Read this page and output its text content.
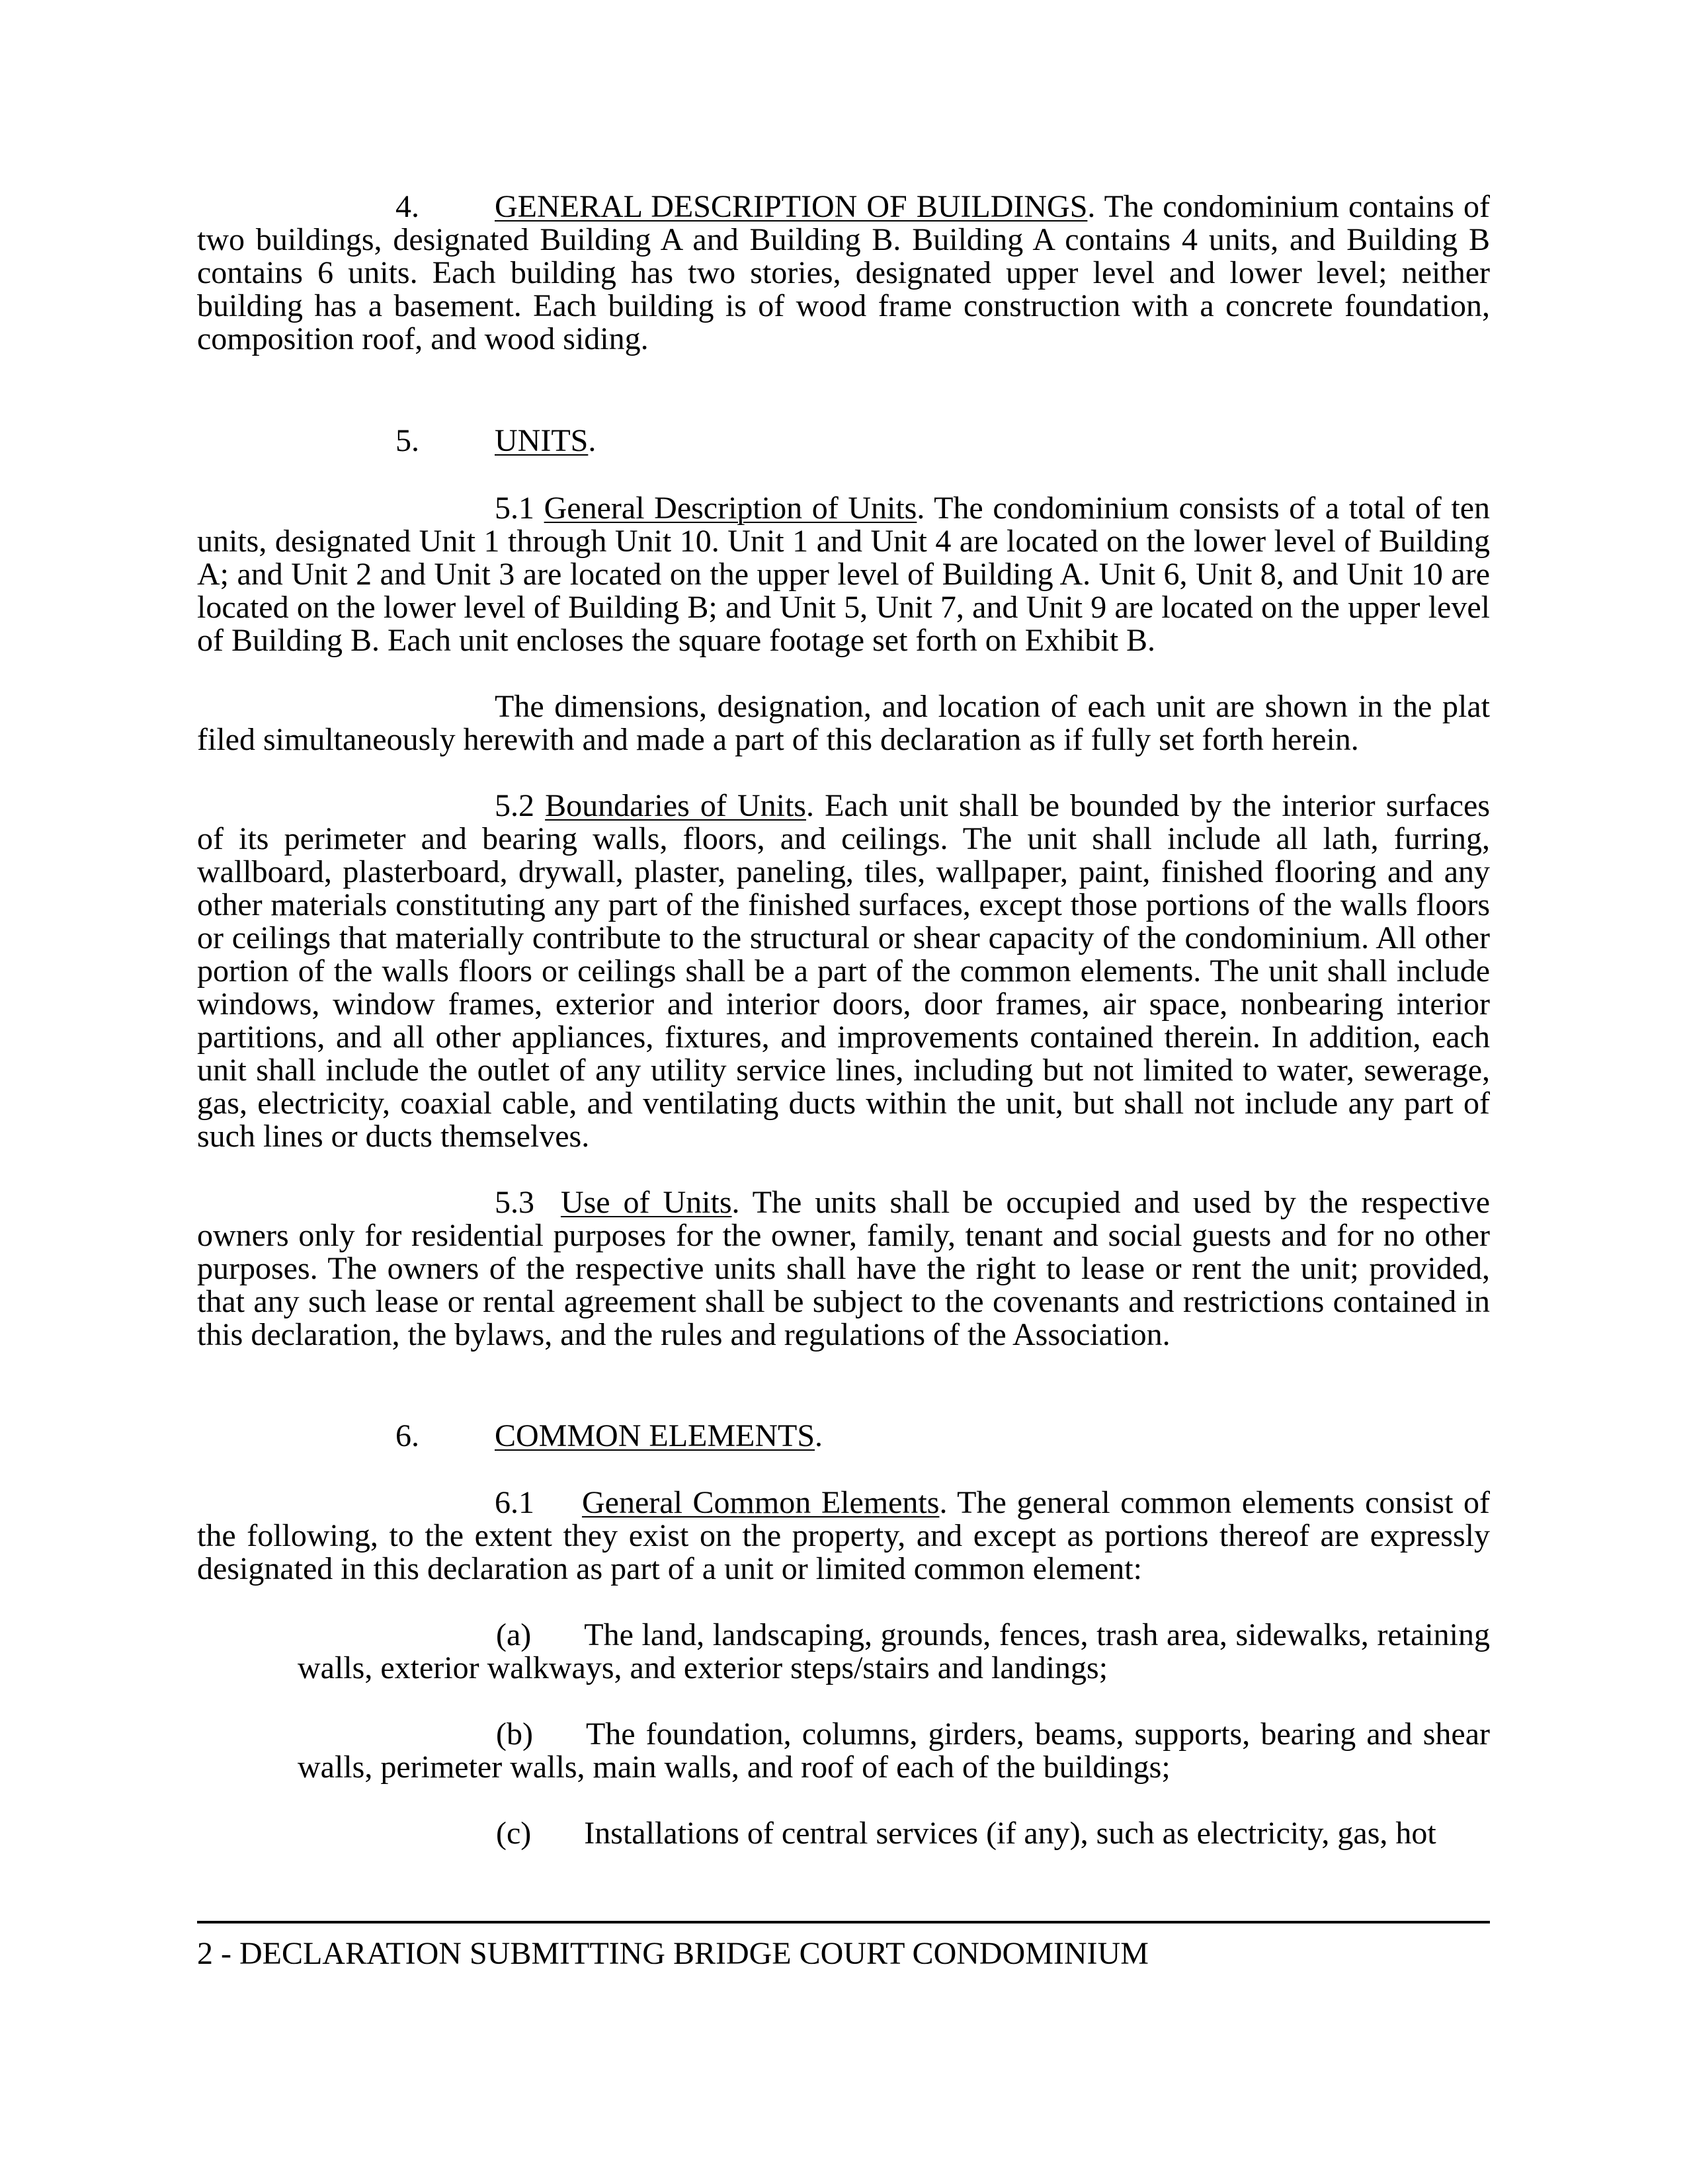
4. GENERAL DESCRIPTION OF BUILDINGS. The condominium contains of two buildings, designated Building A and Building B. Building A contains 4 units, and Building B contains 6 units. Each building has two stories, designated upper level and lower level; neither building has a basement. Each building is of wood frame construction with a concrete foundation, composition roof, and wood siding.

5. UNITS.

5.1 General Description of Units. The condominium consists of a total of ten units, designated Unit 1 through Unit 10. Unit 1 and Unit 4 are located on the lower level of Building A; and Unit 2 and Unit 3 are located on the upper level of Building A. Unit 6, Unit 8, and Unit 10 are located on the lower level of Building B; and Unit 5, Unit 7, and Unit 9 are located on the upper level of Building B. Each unit encloses the square footage set forth on Exhibit B.

The dimensions, designation, and location of each unit are shown in the plat filed simultaneously herewith and made a part of this declaration as if fully set forth herein.

5.2 Boundaries of Units. Each unit shall be bounded by the interior surfaces of its perimeter and bearing walls, floors, and ceilings. The unit shall include all lath, furring, wallboard, plasterboard, drywall, plaster, paneling, tiles, wallpaper, paint, finished flooring and any other materials constituting any part of the finished surfaces, except those portions of the walls floors or ceilings that materially contribute to the structural or shear capacity of the condominium. All other portion of the walls floors or ceilings shall be a part of the common elements. The unit shall include windows, window frames, exterior and interior doors, door frames, air space, nonbearing interior partitions, and all other appliances, fixtures, and improvements contained therein. In addition, each unit shall include the outlet of any utility service lines, including but not limited to water, sewerage, gas, electricity, coaxial cable, and ventilating ducts within the unit, but shall not include any part of such lines or ducts themselves.

5.3 Use of Units. The units shall be occupied and used by the respective owners only for residential purposes for the owner, family, tenant and social guests and for no other purposes. The owners of the respective units shall have the right to lease or rent the unit; provided, that any such lease or rental agreement shall be subject to the covenants and restrictions contained in this declaration, the bylaws, and the rules and regulations of the Association.

6. COMMON ELEMENTS.

6.1 General Common Elements. The general common elements consist of the following, to the extent they exist on the property, and except as portions thereof are expressly designated in this declaration as part of a unit or limited common element:

(a) The land, landscaping, grounds, fences, trash area, sidewalks, retaining walls, exterior walkways, and exterior steps/stairs and landings;

(b) The foundation, columns, girders, beams, supports, bearing and shear walls, perimeter walls, main walls, and roof of each of the buildings;

(c) Installations of central services (if any), such as electricity, gas, hot

2 - DECLARATION SUBMITTING BRIDGE COURT CONDOMINIUM
